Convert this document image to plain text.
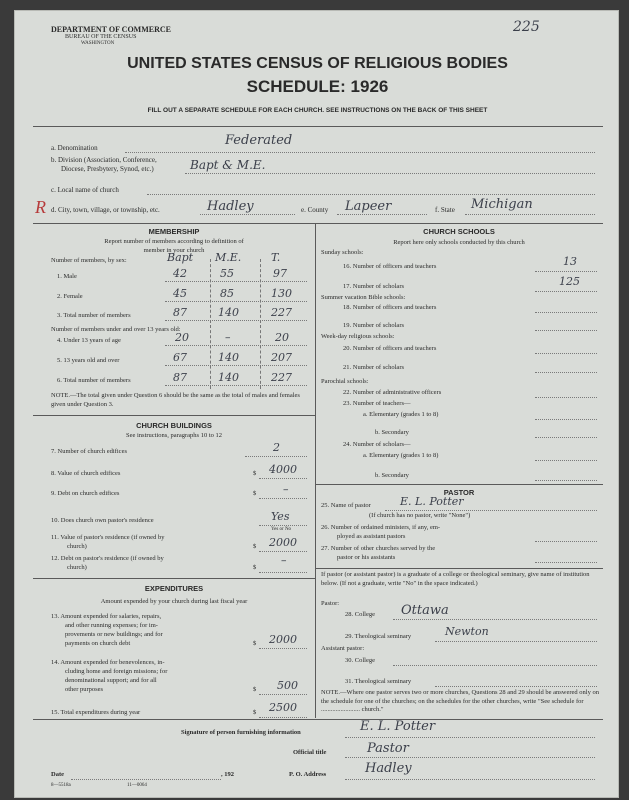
DEPARTMENT OF COMMERCE
BUREAU OF THE CENSUS
WASHINGTON
225
UNITED STATES CENSUS OF RELIGIOUS BODIES
SCHEDULE: 1926
FILL OUT A SEPARATE SCHEDULE FOR EACH CHURCH. SEE INSTRUCTIONS ON THE BACK OF THIS SHEET
a. Denomination	Federated
b. Division (Association, Conference,
Diocese, Presbytery, Synod, etc.)	Bapt & M.E.
c. Local name of church
R d. City, town, village, or township, etc.	Hadley	e. County Lapeer	f. State Michigan
MEMBERSHIP
Report number of members according to definition of
member in your church
Number of members, by sex:	Bapt M.E.	T.
1. Male	42	55	97
2. Female	45	85	130
3. Total number of members	87	140	227
Number of members under and over 13 years old:
4. Under 13 years of age	20	–	20
5. 13 years old and over	67	140	207
6. Total number of members	87	140	227
NOTE.—The total given under Question 6 should be the same as the total of males and females given under Question 3.
CHURCH BUILDINGS
See instructions, paragraphs 10 to 12
7. Number of church edifices	2
8. Value of church edifices	$ 4000
9. Debt on church edifices	$ –
10. Does church own pastor's residence	Yes
Yes or No
11. Value of pastor's residence (if owned by
church)	$ 2000
12. Debt on pastor's residence (if owned by
church)	$
–
EXPENDITURES
Amount expended by your church during last fiscal year
13. Amount expended for salaries, repairs,
and other running expenses; for im-
provements or new buildings; and for
payments on church debt	$ 2000
14. Amount expended for benevolences, in-
cluding home and foreign missions; for
denominational support; and for all
other purposes	$ 500
15. Total expenditures during year	$ 2500
CHURCH SCHOOLS
Report here only schools conducted by this church
Sunday schools:
16. Number of officers and teachers	13
17. Number of scholars	125
Summer vacation Bible schools:
18. Number of officers and teachers
19. Number of scholars
Week-day religious schools:
20. Number of officers and teachers
21. Number of scholars
Parochial schools:
22. Number of administrative officers
23. Number of teachers—
a. Elementary (grades 1 to 8)
b. Secondary
24. Number of scholars—
a. Elementary (grades 1 to 8)
b. Secondary
PASTOR
25. Name of pastor	E. L. Potter
(If church has no pastor, write "None")
26. Number of ordained ministers, if any, em-
ployed as assistant pastors
27. Number of other churches served by the
pastor or his assistants
If pastor (or assistant pastor) is a graduate of a college or theological seminary, give name of institution below. (If not a graduate, write "No" in the space indicated.)
Pastor:
28. College Ottawa
29. Theological seminary	Newton
Assistant pastor:
30. College
31. Theological seminary
NOTE.—Where one pastor serves two or more churches, Questions 28 and 29 should be answered only on the schedule for one of the churches; on the schedules for the other churches, write "See schedule for ........................ church."
Signature of person furnishing information	E. L. Potter
Official title	Pastor
Date	, 192	P. O. Address	Hadley
8—5518a	11—0064
